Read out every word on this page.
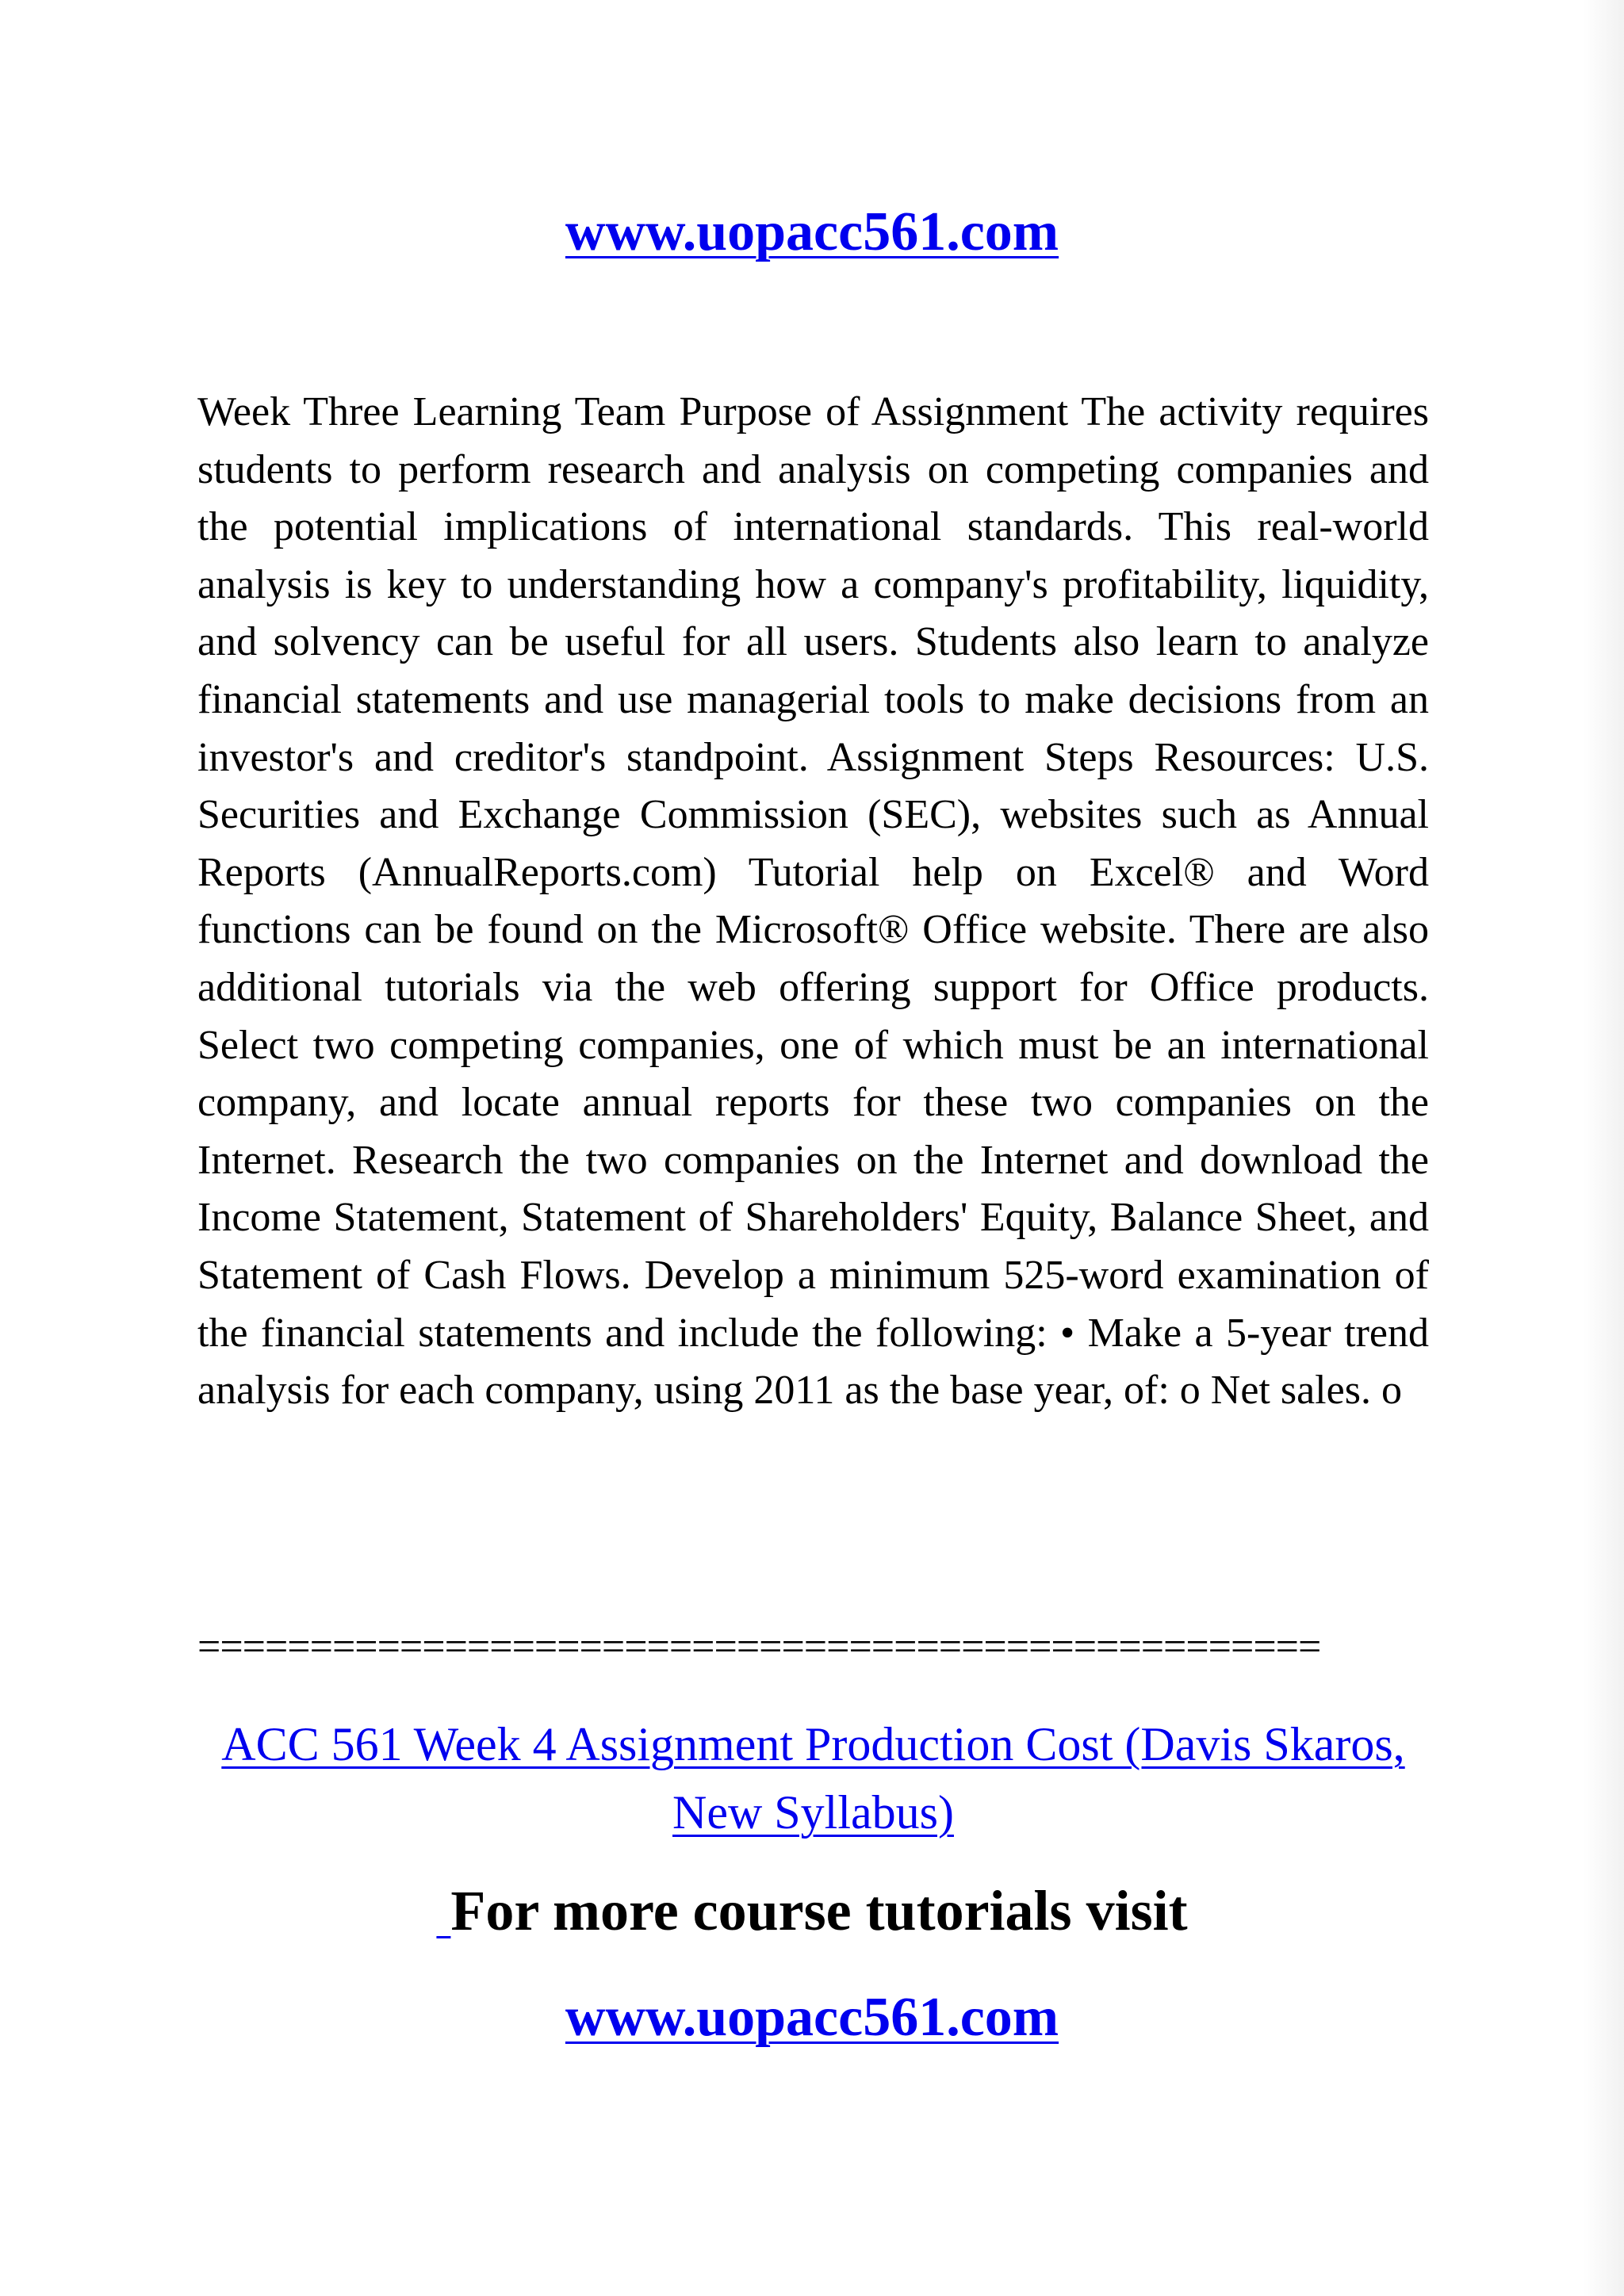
www.uopacc561.com

Week Three Learning Team Purpose of Assignment The activity requires students to perform research and analysis on competing companies and the potential implications of international standards. This real-world analysis is key to understanding how a company's profitability, liquidity, and solvency can be useful for all users. Students also learn to analyze financial statements and use managerial tools to make decisions from an investor's and creditor's standpoint. Assignment Steps Resources: U.S. Securities and Exchange Commission (SEC), websites such as Annual Reports (AnnualReports.com) Tutorial help on Excel® and Word functions can be found on the Microsoft® Office website. There are also additional tutorials via the web offering support for Office products. Select two competing companies, one of which must be an international company, and locate annual reports for these two companies on the Internet. Research the two companies on the Internet and download the Income Statement, Statement of Shareholders' Equity, Balance Sheet, and Statement of Cash Flows. Develop a minimum 525-word examination of the financial statements and include the following: • Make a 5-year trend analysis for each company, using 2011 as the base year, of: o Net sales. o

==================================================
ACC 561 Week 4 Assignment Production Cost (Davis Skaros, New Syllabus)
For more course tutorials visit
www.uopacc561.com
